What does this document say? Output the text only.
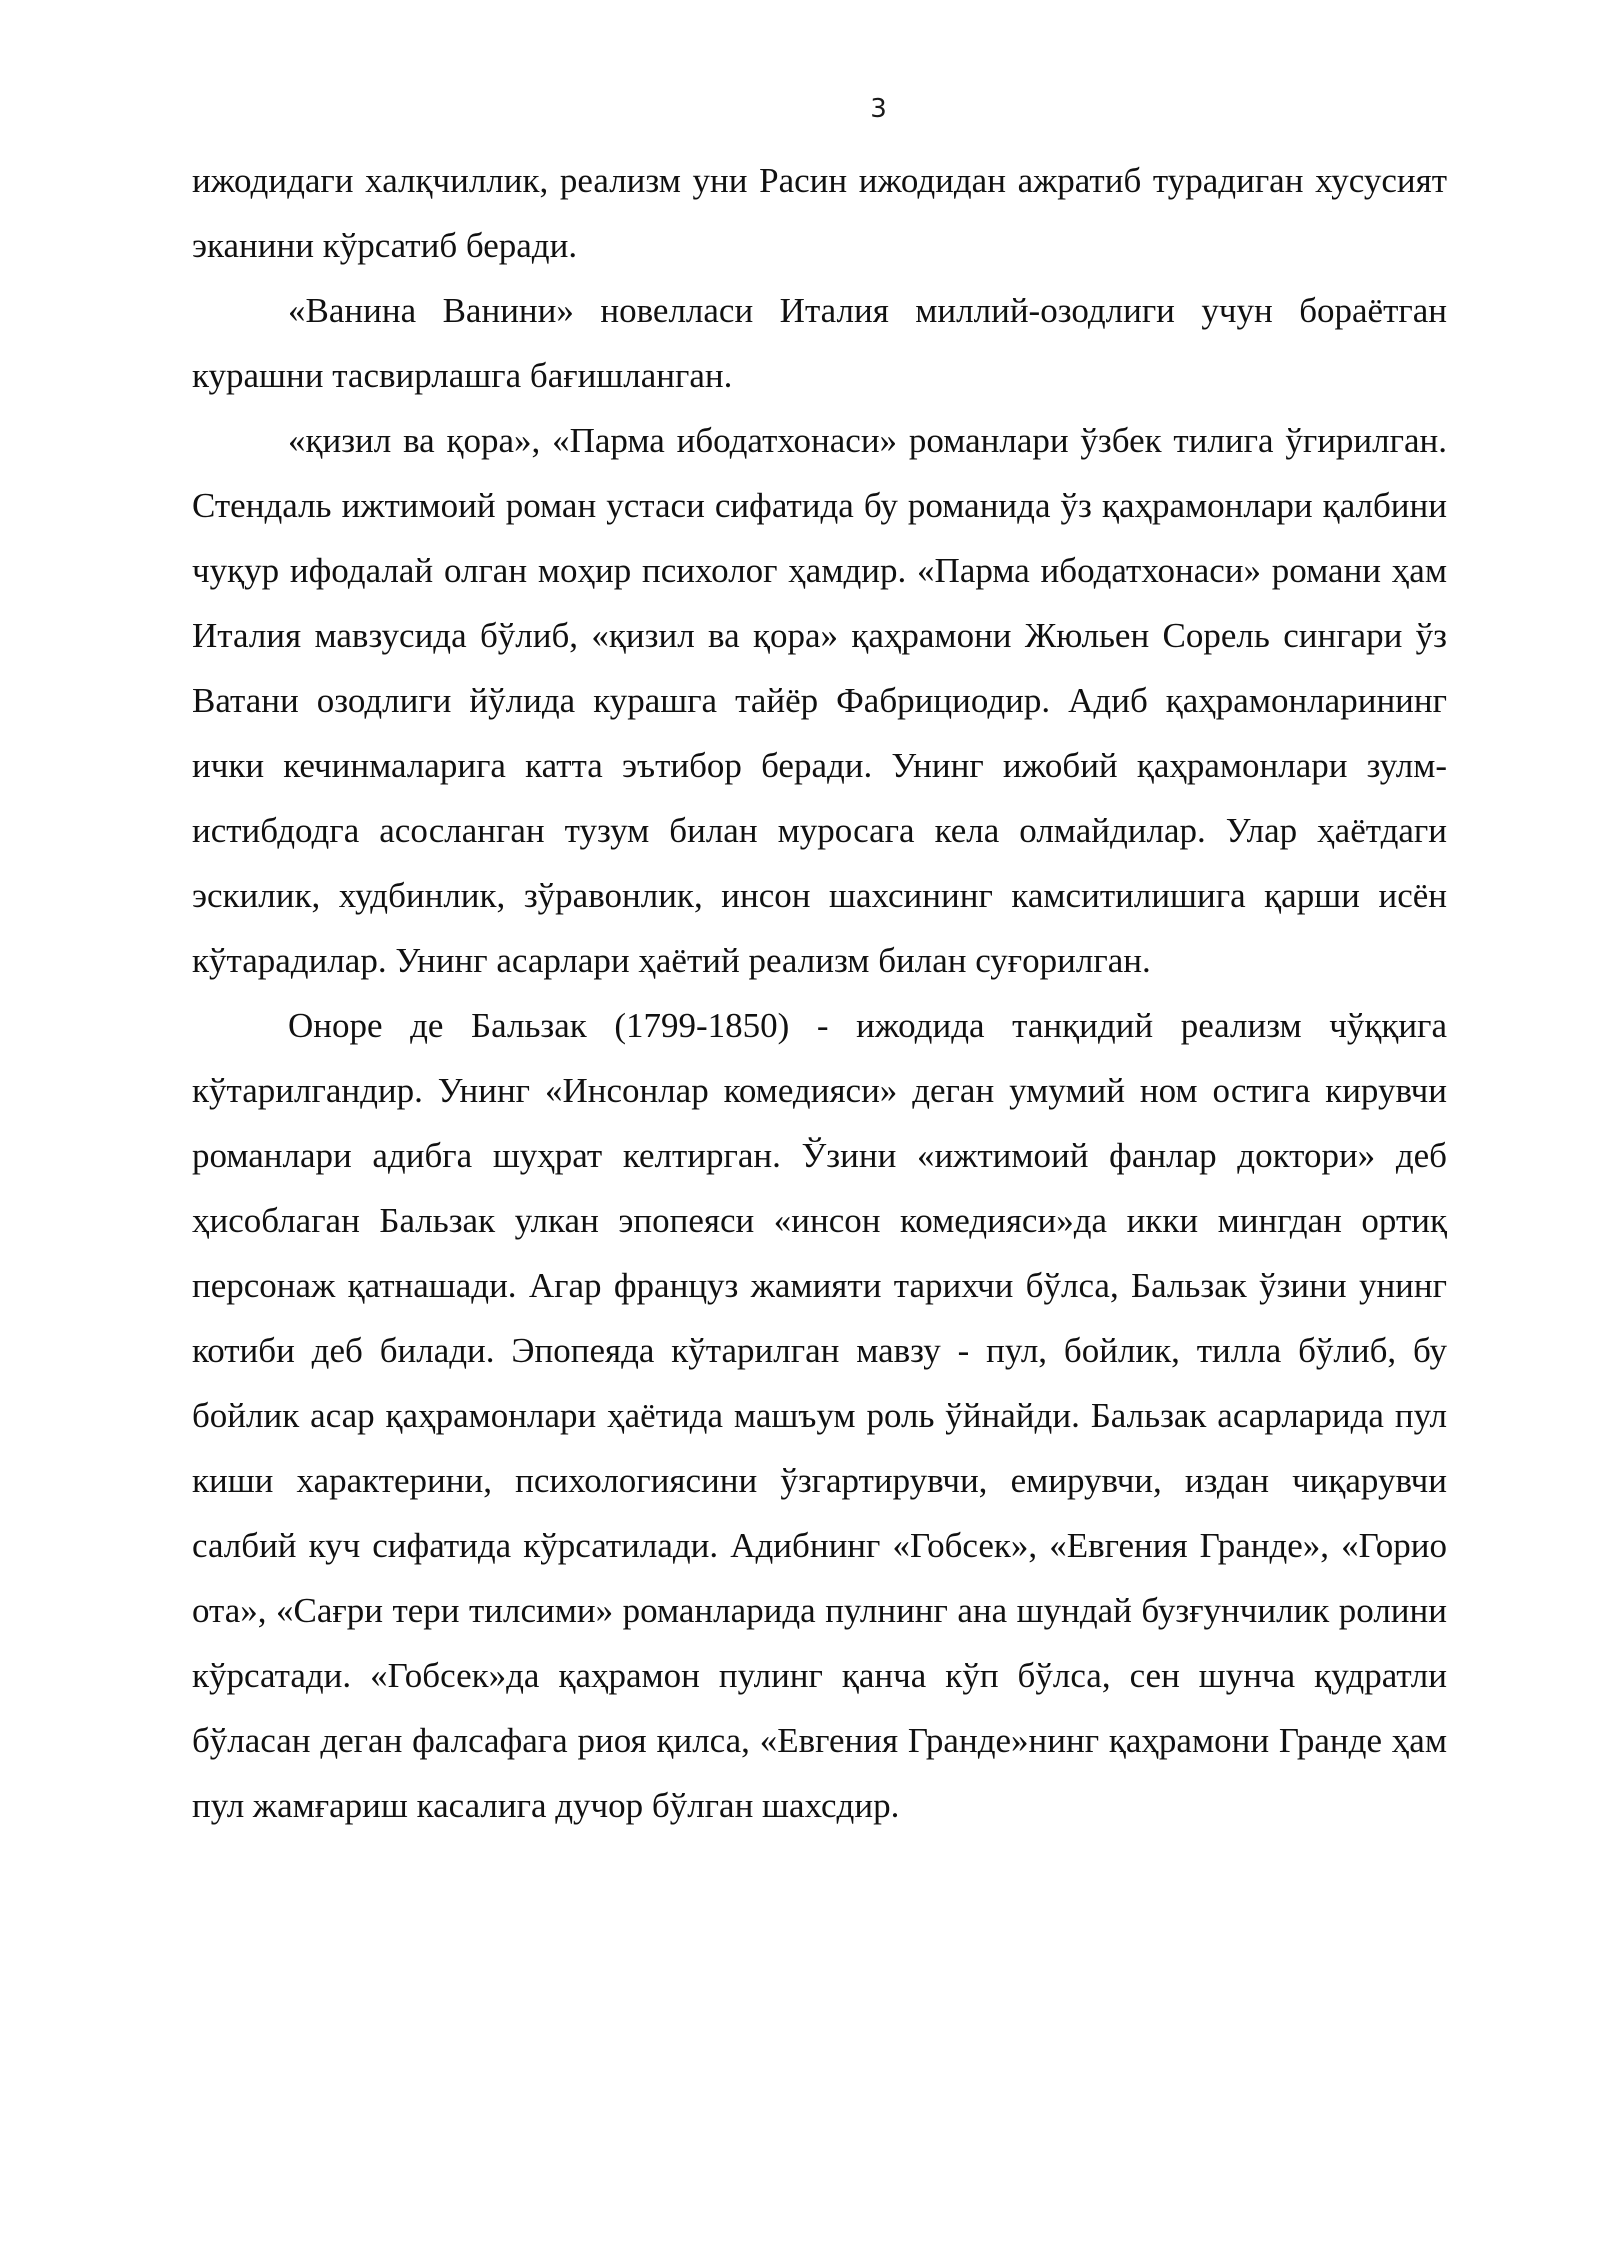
3

ижодидаги халқчиллик, реализм уни Расин ижодидан ажратиб турадиган хусусият эканини кўрсатиб беради.

«Ванина Ванини» новелласи Италия миллий-озодлиги учун бораётган курашни тасвирлашга бағишланган.

«қизил ва қора», «Парма ибодатхонаси» романлари ўзбек тилига ўгирилган. Стендаль ижтимоий роман устаси сифатида бу романида ўз қаҳрамонлари қалбини чуқур ифодалай олган моҳир психолог ҳамдир. «Парма ибодатхонаси» романи ҳам Италия мавзусида бўлиб, «қизил ва қора» қаҳрамони Жюльен Сорель сингари ўз Ватани озодлиги йўлида курашга тайёр Фабрициодир. Адиб қаҳрамонларининг ички кечинмаларига катта эътибор беради. Унинг ижобий қаҳрамонлари зулм-истибдодга асосланган тузум билан муросага кела олмайдилар. Улар ҳаётдаги эскилик, худбинлик, зўравонлик, инсон шахсининг камситилишига қарши исён кўтарадилар. Унинг асарлари ҳаётий реализм билан суғорилган.

Оноре де Бальзак (1799-1850) - ижодида танқидий реализм чўққига кўтарилгандир. Унинг «Инсонлар комедияси» деган умумий ном остига кирувчи романлари адибга шуҳрат келтирган. Ўзини «ижтимоий фанлар доктори» деб ҳисоблаган Бальзак улкан эпопеяси «инсон комедияси»да икки мингдан ортиқ персонаж қатнашади. Агар француз жамияти тарихчи бўлса, Бальзак ўзини унинг котиби деб билади. Эпопеяда кўтарилган мавзу - пул, бойлик, тилла бўлиб, бу бойлик асар қаҳрамонлари ҳаётида машъум роль ўйнайди. Бальзак асарларида пул киши характерини, психологиясини ўзгартирувчи, емирувчи, издан чиқарувчи салбий куч сифатида кўрсатилади. Адибнинг «Гобсек», «Евгения Гранде», «Горио ота», «Сағри тери тилсими» романларида пулнинг ана шундай бузғунчилик ролини кўрсатади. «Гобсек»да қаҳрамон пулинг қанча кўп бўлса, сен шунча қудратли бўласан деган фалсафага риоя қилса, «Евгения Гранде»нинг қаҳрамони Гранде ҳам пул жамғариш касалига дучор бўлган шахсдир.
